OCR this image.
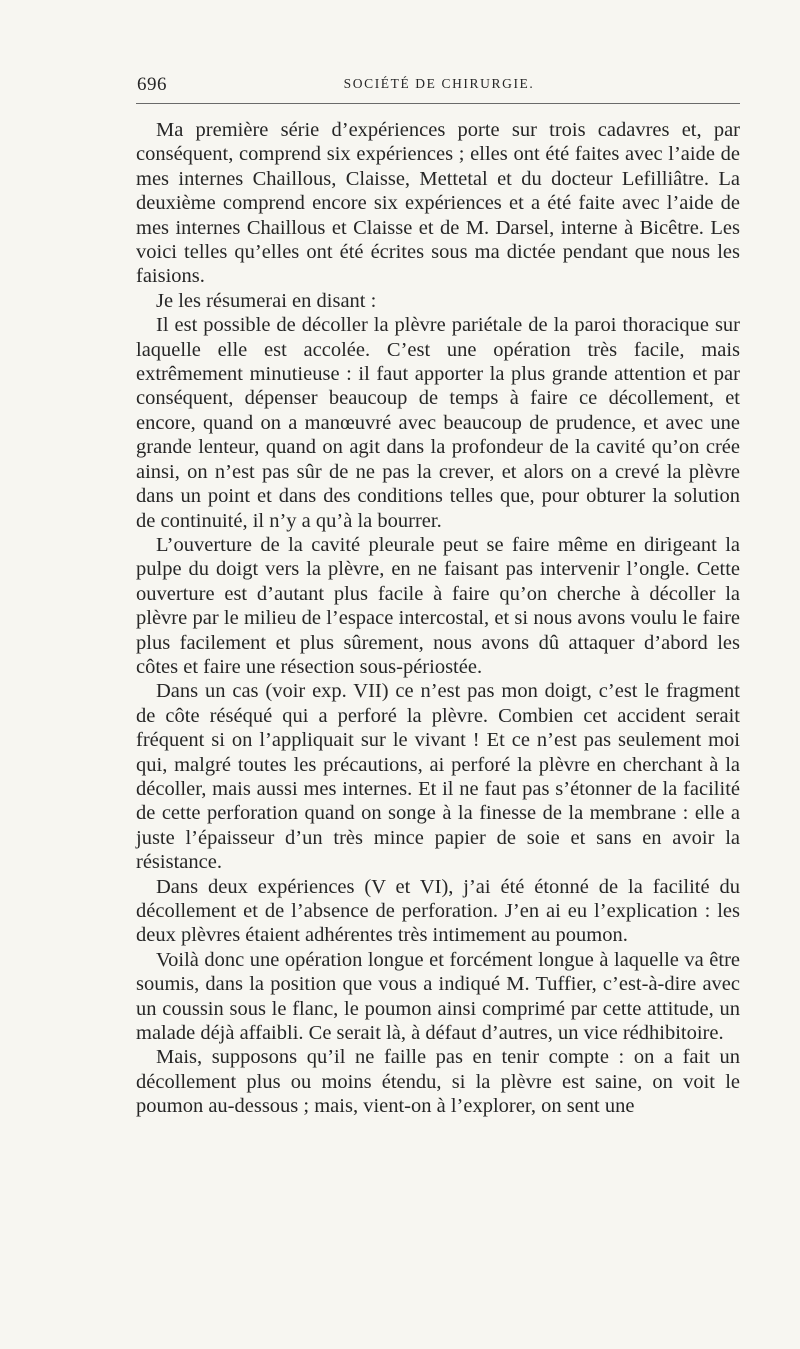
696	SOCIÉTÉ DE CHIRURGIE.

Ma première série d’expériences porte sur trois cadavres et, par conséquent, comprend six expériences ; elles ont été faites avec l’aide de mes internes Chaillous, Claisse, Mettetal et du docteur Lefilliâtre. La deuxième comprend encore six expériences et a été faite avec l’aide de mes internes Chaillous et Claisse et de M. Darsel, interne à Bicêtre. Les voici telles qu’elles ont été écrites sous ma dictée pendant que nous les faisions.

Je les résumerai en disant :

Il est possible de décoller la plèvre pariétale de la paroi thoracique sur laquelle elle est accolée. C’est une opération très facile, mais extrêmement minutieuse : il faut apporter la plus grande attention et par conséquent, dépenser beaucoup de temps à faire ce décollement, et encore, quand on a manœuvré avec beaucoup de prudence, et avec une grande lenteur, quand on agit dans la profondeur de la cavité qu’on crée ainsi, on n’est pas sûr de ne pas la crever, et alors on a crevé la plèvre dans un point et dans des conditions telles que, pour obturer la solution de continuité, il n’y a qu’à la bourrer.

L’ouverture de la cavité pleurale peut se faire même en dirigeant la pulpe du doigt vers la plèvre, en ne faisant pas intervenir l’ongle. Cette ouverture est d’autant plus facile à faire qu’on cherche à décoller la plèvre par le milieu de l’espace intercostal, et si nous avons voulu le faire plus facilement et plus sûrement, nous avons dû attaquer d’abord les côtes et faire une résection sous-périostée.

Dans un cas (voir exp. VII) ce n’est pas mon doigt, c’est le fragment de côte réséqué qui a perforé la plèvre. Combien cet accident serait fréquent si on l’appliquait sur le vivant ! Et ce n’est pas seulement moi qui, malgré toutes les précautions, ai perforé la plèvre en cherchant à la décoller, mais aussi mes internes. Et il ne faut pas s’étonner de la facilité de cette perforation quand on songe à la finesse de la membrane : elle a juste l’épaisseur d’un très mince papier de soie et sans en avoir la résistance.

Dans deux expériences (V et VI), j’ai été étonné de la facilité du décollement et de l’absence de perforation. J’en ai eu l’explication : les deux plèvres étaient adhérentes très intimement au poumon.

Voilà donc une opération longue et forcément longue à laquelle va être soumis, dans la position que vous a indiqué M. Tuffier, c’est-à-dire avec un coussin sous le flanc, le poumon ainsi comprimé par cette attitude, un malade déjà affaibli. Ce serait là, à défaut d’autres, un vice rédhibitoire.

Mais, supposons qu’il ne faille pas en tenir compte : on a fait un décollement plus ou moins étendu, si la plèvre est saine, on voit le poumon au-dessous ; mais, vient-on à l’explorer, on sent une
